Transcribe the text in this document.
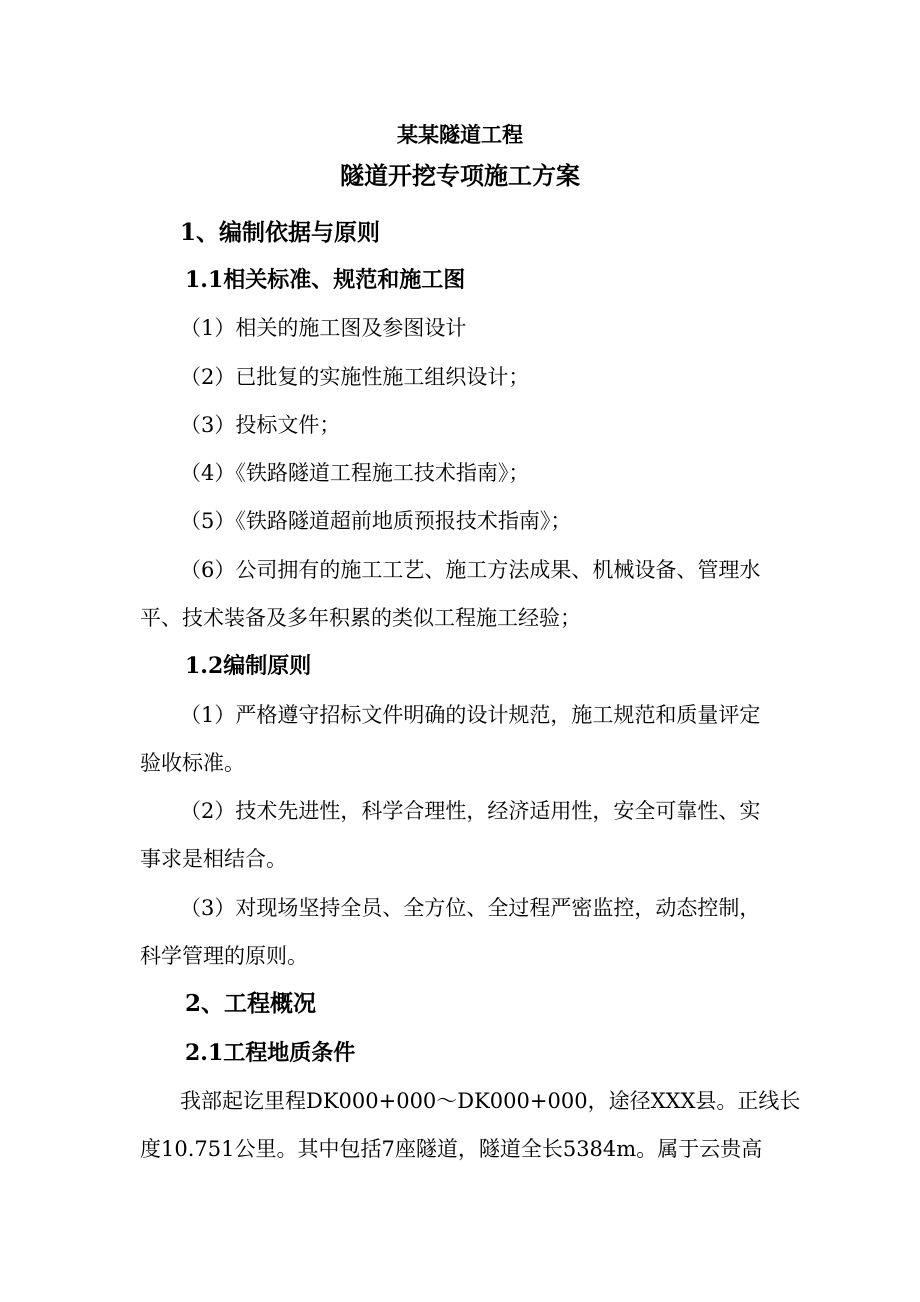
某某隧道工程
隧道开挖专项施工方案
1、编制依据与原则
1.1相关标准、规范和施工图
（1）相关的施工图及参图设计
（2）已批复的实施性施工组织设计；
（3）投标文件；
（4）《铁路隧道工程施工技术指南》；
（5）《铁路隧道超前地质预报技术指南》；
（6）公司拥有的施工工艺、施工方法成果、机械设备、管理水
平、技术装备及多年积累的类似工程施工经验；
1.2编制原则
（1）严格遵守招标文件明确的设计规范，施工规范和质量评定
验收标准。
（2）技术先进性，科学合理性，经济适用性，安全可靠性、实
事求是相结合。
（3）对现场坚持全员、全方位、全过程严密监控，动态控制，
科学管理的原则。
2、工程概况
2.1工程地质条件
我部起讫里程DK000+000～DK000+000，途径XXX县。正线长
度10.751公里。其中包括7座隧道，隧道全长5384m。属于云贵高
